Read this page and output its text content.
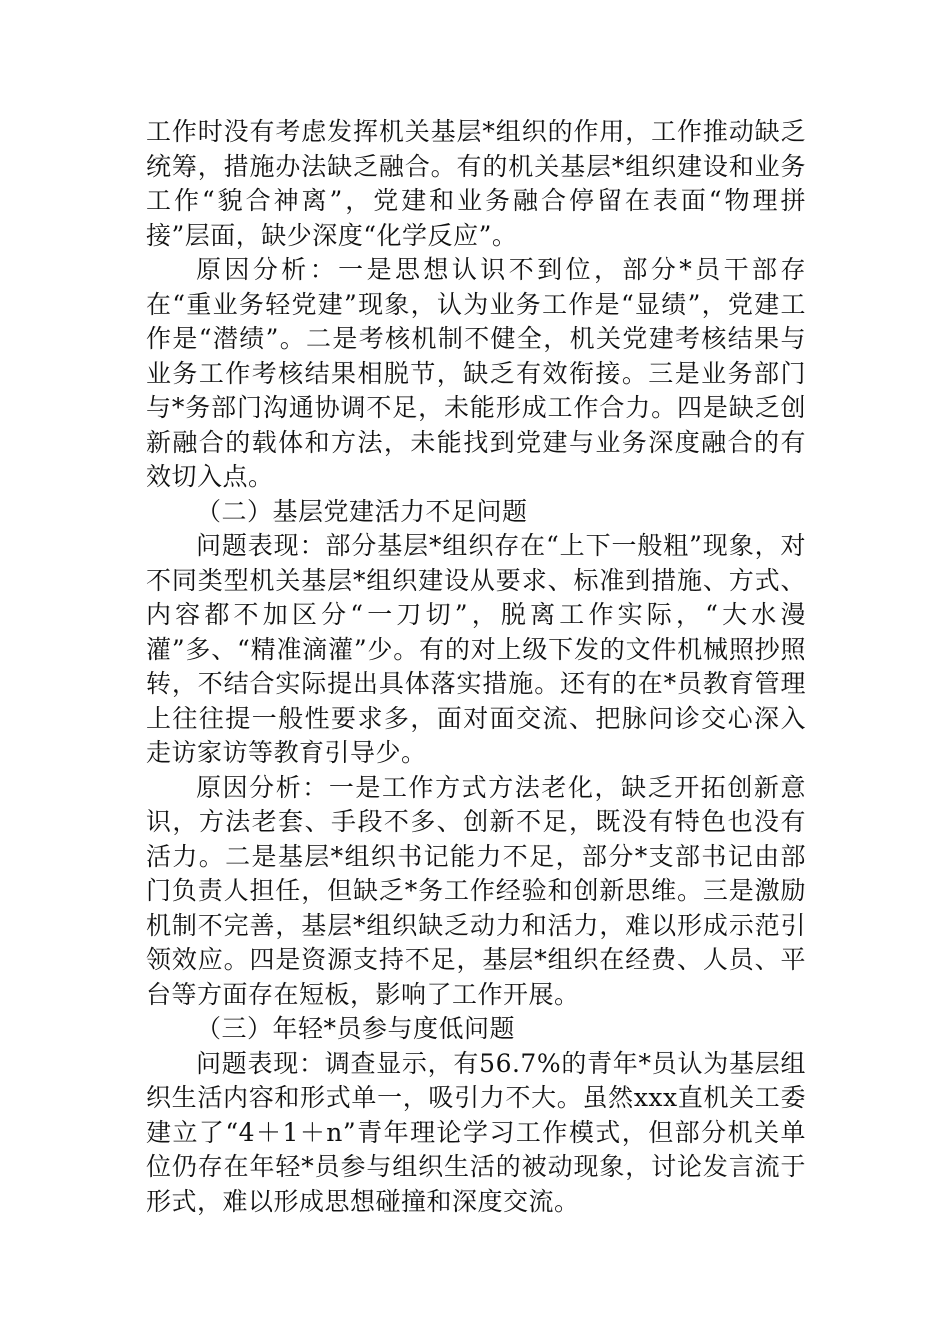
工作时没有考虑发挥机关基层*组织的作用，工作推动缺乏统筹，措施办法缺乏融合。有的机关基层*组织建设和业务工作“貌合神离”，党建和业务融合停留在表面“物理拼接”层面，缺少深度“化学反应”。

原因分析：一是思想认识不到位，部分*员干部存在“重业务轻党建”现象，认为业务工作是“显绩”，党建工作是“潜绩”。二是考核机制不健全，机关党建考核结果与业务工作考核结果相脱节，缺乏有效衔接。三是业务部门与*务部门沟通协调不足，未能形成工作合力。四是缺乏创新融合的载体和方法，未能找到党建与业务深度融合的有效切入点。

（二）基层党建活力不足问题

问题表现：部分基层*组织存在“上下一般粗”现象，对不同类型机关基层*组织建设从要求、标准到措施、方式、内容都不加区分“一刀切”，脱离工作实际，“大水漫灌”多、“精准滴灌”少。有的对上级下发的文件机械照抄照转，不结合实际提出具体落实措施。还有的在*员教育管理上往往提一般性要求多，面对面交流、把脉问诊交心深入走访家访等教育引导少。

原因分析：一是工作方式方法老化，缺乏开拓创新意识，方法老套、手段不多、创新不足，既没有特色也没有活力。二是基层*组织书记能力不足，部分*支部书记由部门负责人担任，但缺乏*务工作经验和创新思维。三是激励机制不完善，基层*组织缺乏动力和活力，难以形成示范引领效应。四是资源支持不足，基层*组织在经费、人员、平台等方面存在短板，影响了工作开展。

（三）年轻*员参与度低问题

问题表现：调查显示，有56.7%的青年*员认为基层组织生活内容和形式单一，吸引力不大。虽然xxx直机关工委建立了“4＋1＋n”青年理论学习工作模式，但部分机关单位仍存在年轻*员参与组织生活的被动现象，讨论发言流于形式，难以形成思想碰撞和深度交流。
